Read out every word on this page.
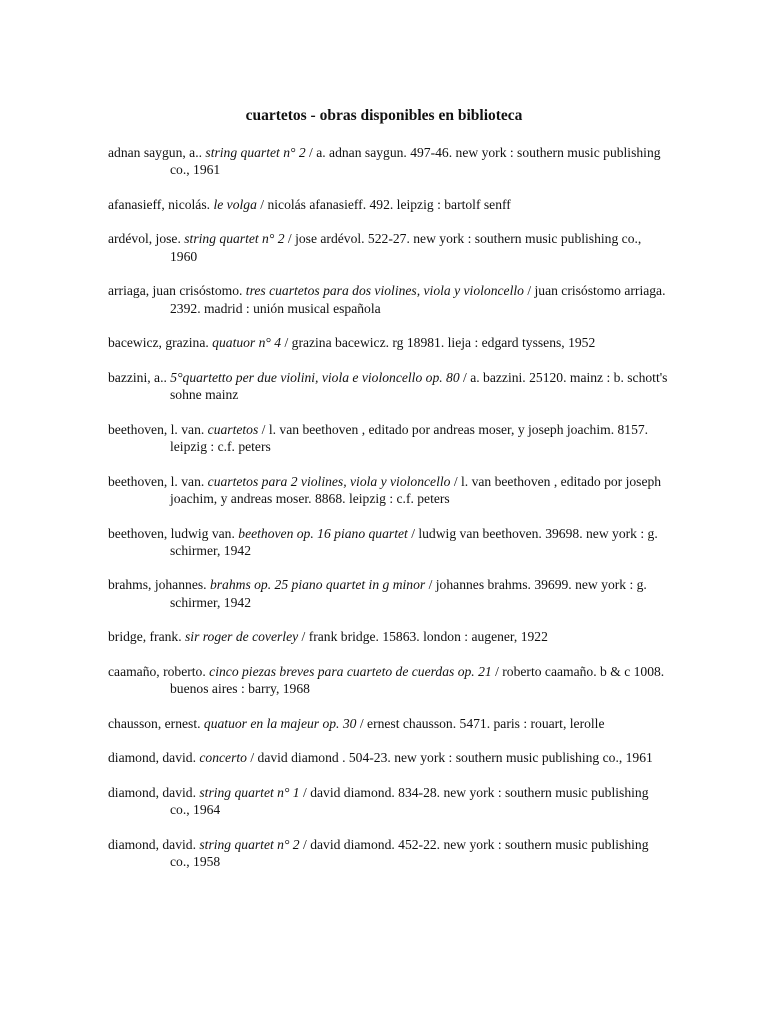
cuartetos - obras disponibles en biblioteca
adnan saygun, a.. string quartet n° 2 / a. adnan saygun. 497-46. new york : southern music publishing co., 1961
afanasieff, nicolás. le volga / nicolás afanasieff. 492. leipzig : bartolf senff
ardévol, jose. string quartet n° 2 / jose ardévol. 522-27. new york : southern music publishing co., 1960
arriaga, juan crisóstomo. tres cuartetos para dos violines, viola y violoncello / juan crisóstomo arriaga. 2392. madrid : unión musical española
bacewicz, grazina. quatuor n° 4 / grazina bacewicz. rg 18981. lieja : edgard tyssens, 1952
bazzini, a.. 5°quartetto per due violini, viola e violoncello op. 80 / a. bazzini. 25120. mainz : b. schott's sohne mainz
beethoven, l. van. cuartetos / l. van beethoven , editado por andreas moser, y joseph joachim. 8157. leipzig : c.f. peters
beethoven, l. van. cuartetos para 2 violines, viola y violoncello / l. van beethoven , editado por joseph joachim, y andreas moser. 8868. leipzig : c.f. peters
beethoven, ludwig van. beethoven op. 16 piano quartet / ludwig van beethoven. 39698. new york : g. schirmer, 1942
brahms, johannes. brahms op. 25 piano quartet in g minor / johannes brahms. 39699. new york : g. schirmer, 1942
bridge, frank. sir roger de coverley / frank bridge. 15863. london : augener, 1922
caamaño, roberto. cinco piezas breves para cuarteto de cuerdas op. 21 / roberto caamaño. b & c 1008. buenos aires : barry, 1968
chausson, ernest. quatuor en la majeur op. 30 / ernest chausson. 5471. paris : rouart, lerolle
diamond, david. concerto / david diamond . 504-23. new york : southern music publishing co., 1961
diamond, david. string quartet n° 1 / david diamond. 834-28. new york : southern music publishing co., 1964
diamond, david. string quartet n° 2 / david diamond. 452-22. new york : southern music publishing co., 1958
